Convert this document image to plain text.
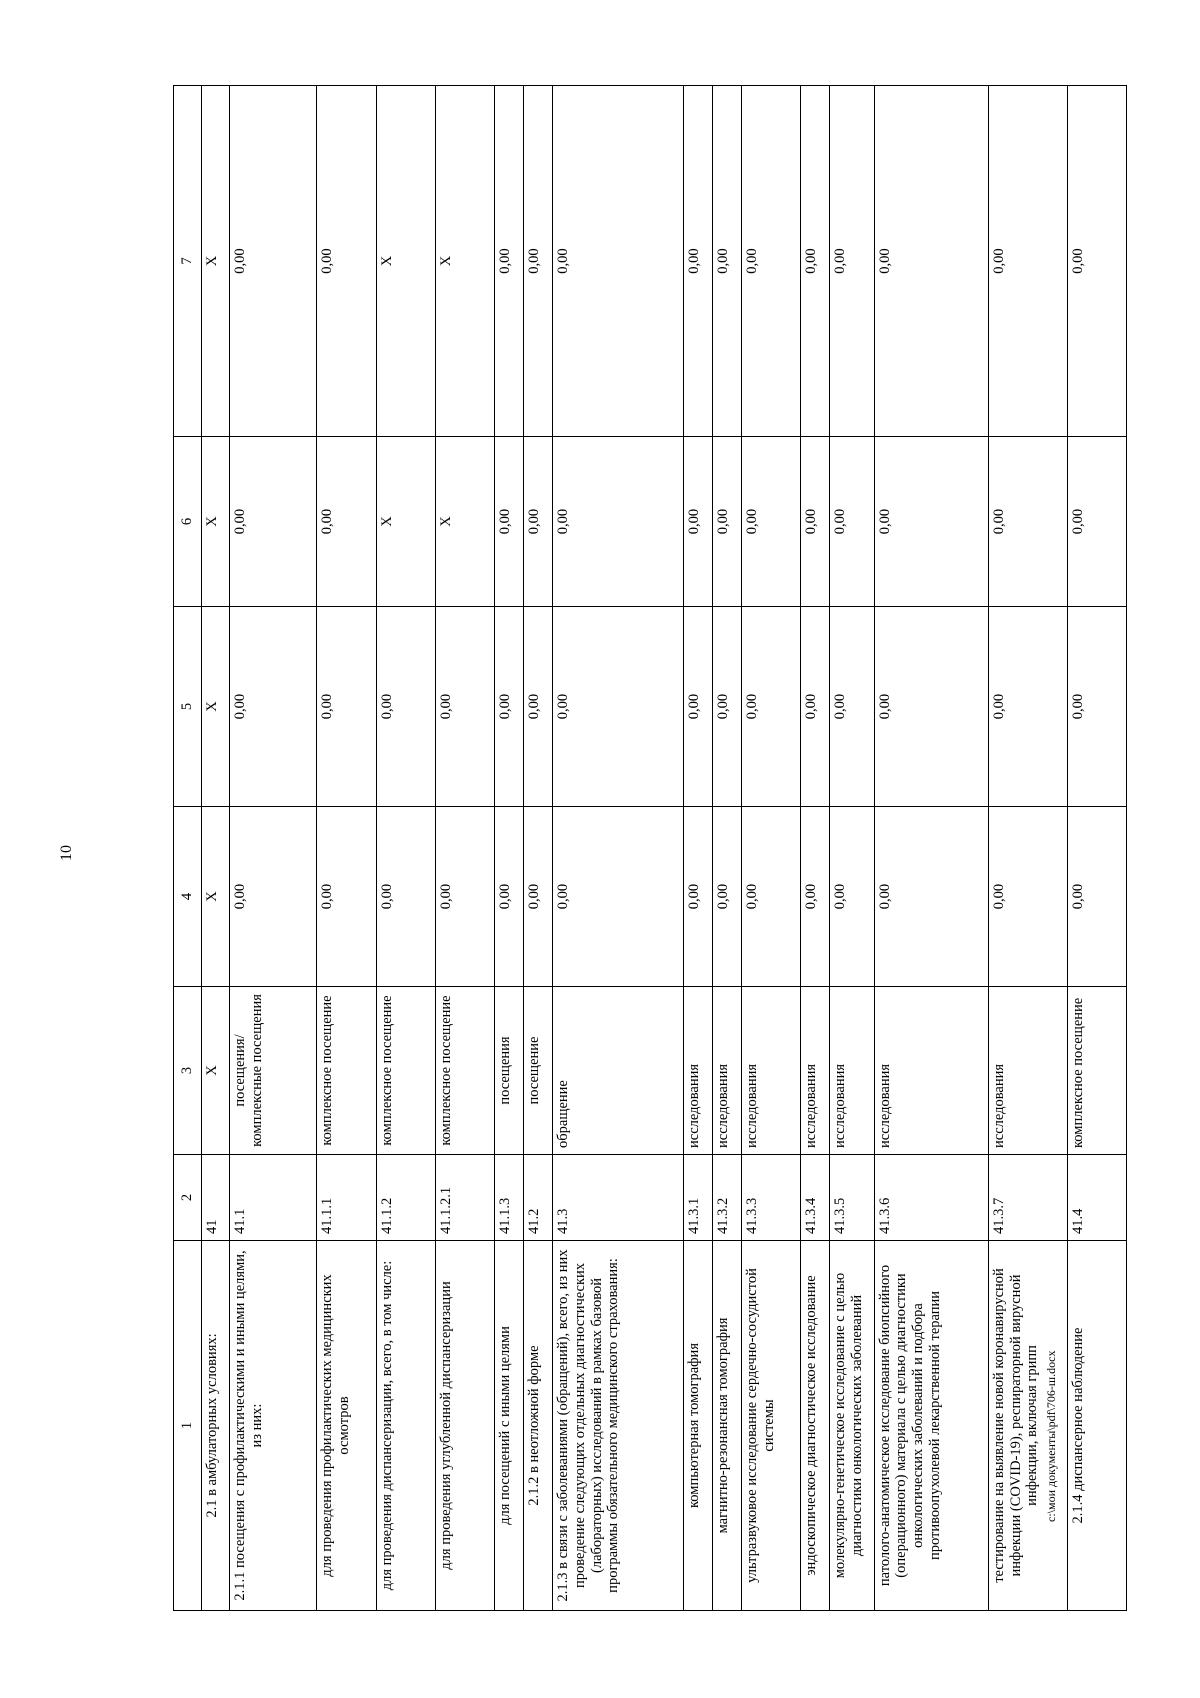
10
1	2	3	4	5	6	7
2.1 в амбулаторных условиях:	41	X	X	X	X	X
2.1.1 посещения с профилактическими и иными целями, из них:	41.1	посещения/ комплексные посещения	0,00	0,00	0,00	0,00
для проведения профилактических медицинских осмотров	41.1.1	комплексное посещение	0,00	0,00	0,00	0,00
для проведения диспансеризации, всего, в том числе:	41.1.2	комплексное посещение	0,00	0,00	X	X
для проведения углубленной диспансеризации	41.1.2.1	комплексное посещение	0,00	0,00	X	X
для посещений с иными целями	41.1.3	посещения	0,00	0,00	0,00	0,00
2.1.2 в неотложной форме	41.2	посещение	0,00	0,00	0,00	0,00
2.1.3 в связи с заболеваниями (обращений), всего, из них проведение следующих отдельных диагностических (лабораторных) исследований в рамках базовой программы обязательного медицинского страхования:	41.3	обращение	0,00	0,00	0,00	0,00
компьютерная томография	41.3.1	исследования	0,00	0,00	0,00	0,00
магнитно-резонансная томография	41.3.2	исследования	0,00	0,00	0,00	0,00
ультразвуковое исследование сердечно-сосудистой системы	41.3.3	исследования	0,00	0,00	0,00	0,00
эндоскопическое диагностическое исследование	41.3.4	исследования	0,00	0,00	0,00	0,00
молекулярно-генетическое исследование с целью диагностики онкологических заболеваний	41.3.5	исследования	0,00	0,00	0,00	0,00
патолого-анатомическое исследование биопсийного (операционного) материала с целью диагностики онкологических заболеваний и подбора противоопухолевой лекарственной терапии	41.3.6	исследования	0,00	0,00	0,00	0,00
тестирование на выявление новой коронавирусной инфекции (COVID-19), респираторной вирусной инфекции, включая грипп	41.3.7	исследования	0,00	0,00	0,00	0,00
2.1.4 диспансерное наблюдение	41.4	комплексное посещение	0,00	0,00	0,00	0,00
c:\мои документы\pdf\706-ш.docx
